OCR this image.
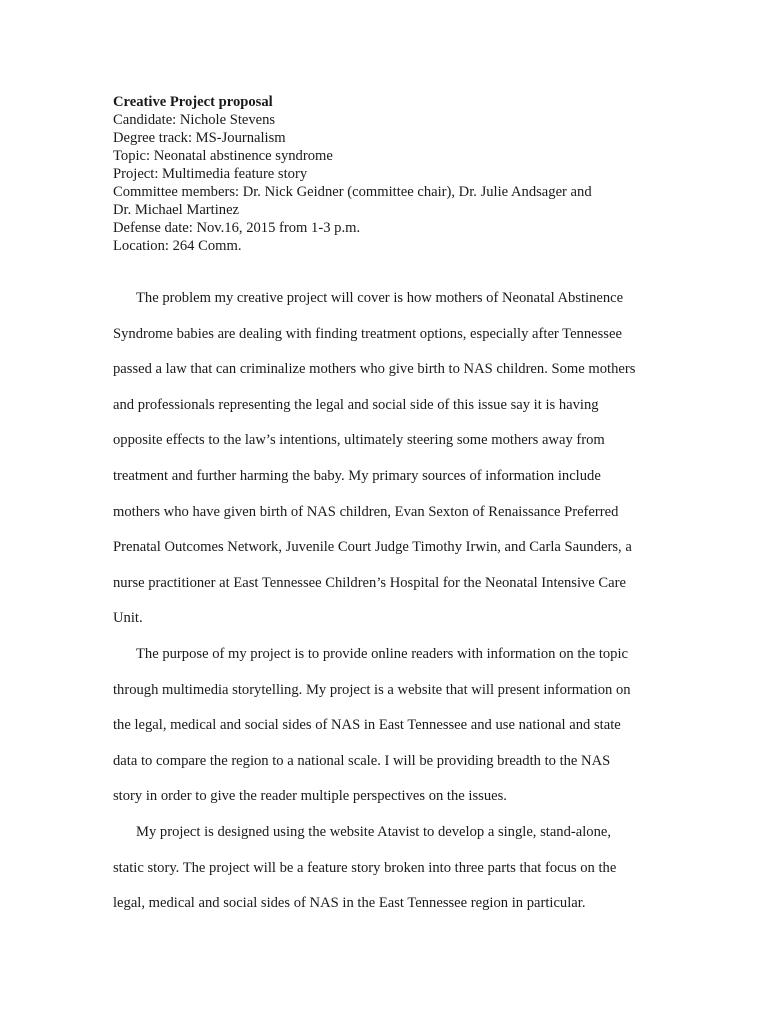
Creative Project proposal
Candidate: Nichole Stevens
Degree track: MS-Journalism
Topic: Neonatal abstinence syndrome
Project: Multimedia feature story
Committee members: Dr. Nick Geidner (committee chair), Dr. Julie Andsager and
Dr. Michael Martinez
Defense date: Nov.16, 2015 from 1-3 p.m.
Location: 264 Comm.
The problem my creative project will cover is how mothers of Neonatal Abstinence
Syndrome babies are dealing with finding treatment options, especially after Tennessee
passed a law that can criminalize mothers who give birth to NAS children. Some mothers
and professionals representing the legal and social side of this issue say it is having
opposite effects to the law’s intentions, ultimately steering some mothers away from
treatment and further harming the baby. My primary sources of information include
mothers who have given birth of NAS children, Evan Sexton of Renaissance Preferred
Prenatal Outcomes Network, Juvenile Court Judge Timothy Irwin, and Carla Saunders, a
nurse practitioner at East Tennessee Children’s Hospital for the Neonatal Intensive Care
Unit.
The purpose of my project is to provide online readers with information on the topic
through multimedia storytelling. My project is a website that will present information on
the legal, medical and social sides of NAS in East Tennessee and use national and state
data to compare the region to a national scale. I will be providing breadth to the NAS
story in order to give the reader multiple perspectives on the issues.
My project is designed using the website Atavist to develop a single, stand-alone,
static story. The project will be a feature story broken into three parts that focus on the
legal, medical and social sides of NAS in the East Tennessee region in particular.
